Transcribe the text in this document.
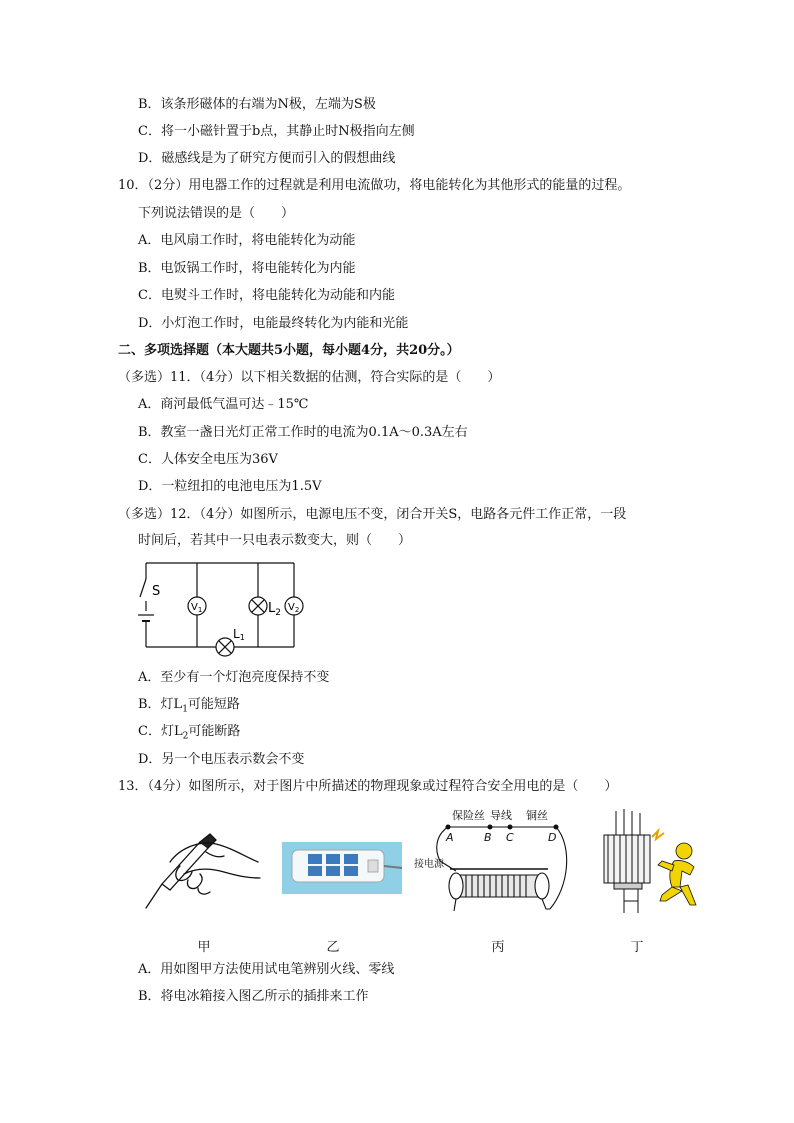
B．该条形磁体的右端为N极，左端为S极
C．将一小磁针置于b点，其静止时N极指向左侧
D．磁感线是为了研究方便而引入的假想曲线
10．（2分）用电器工作的过程就是利用电流做功，将电能转化为其他形式的能量的过程。
下列说法错误的是（　　）
A．电风扇工作时，将电能转化为动能
B．电饭锅工作时，将电能转化为内能
C．电熨斗工作时，将电能转化为动能和内能
D．小灯泡工作时，电能最终转化为内能和光能
二、多项选择题（本大题共5小题，每小题4分，共20分。）
（多选）11．（4分）以下相关数据的估测，符合实际的是（　　）
A．商河最低气温可达﹣15℃
B．教室一盏日光灯正常工作时的电流为0.1A～0.3A左右
C．人体安全电压为36V
D．一粒纽扣的电池电压为1.5V
（多选）12．（4分）如图所示，电源电压不变，闭合开关S，电路各元件工作正常，一段
时间后，若其中一只电表示数变大，则（　　）
S
$V_1$	$L_2$ $V_2$
L1
A．至少有一个灯泡亮度保持不变
B．灯$L_1$可能短路
C．灯$L_2$可能断路
D．另一个电压表示数会不变
13．（4分）如图所示，对于图片中所描述的物理现象或过程符合安全用电的是（　　）
保险丝 导线 铜丝
A	B C	D
接电源
甲	乙	丙	丁
A．用如图甲方法使用试电笔辨别火线、零线
B．将电冰箱接入图乙所示的插排来工作
